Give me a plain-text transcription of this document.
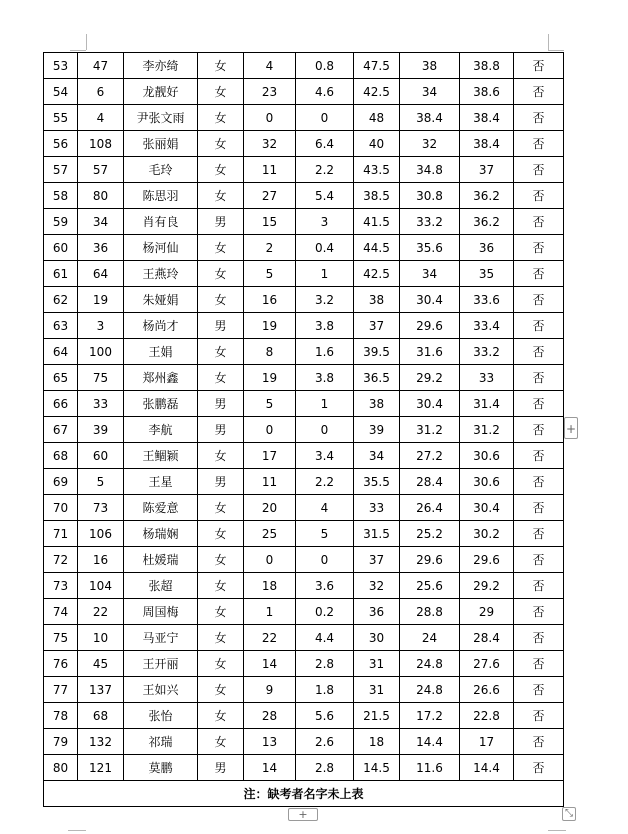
53	47	李亦绮	女	4	0.8	47.5	38	38.8	否
54	6	龙靓好	女	23	4.6	42.5	34	38.6	否
55	4	尹张文雨	女	0	0	48	38.4	38.4	否
56	108	张丽娟	女	32	6.4	40	32	38.4	否
57	57	毛玲	女	11	2.2	43.5	34.8	37	否
58	80	陈思羽	女	27	5.4	38.5	30.8	36.2	否
59	34	肖有良	男	15	3	41.5	33.2	36.2	否
60	36	杨河仙	女	2	0.4	44.5	35.6	36	否
61	64	王燕玲	女	5	1	42.5	34	35	否
62	19	朱娅娟	女	16	3.2	38	30.4	33.6	否
63	3	杨尚才	男	19	3.8	37	29.6	33.4	否
64	100	王娟	女	8	1.6	39.5	31.6	33.2	否
65	75	郑州鑫	女	19	3.8	36.5	29.2	33	否
66	33	张鹏磊	男	5	1	38	30.4	31.4	否
67	39	李航	男	0	0	39	31.2	31.2	否
68	60	王鲴颖	女	17	3.4	34	27.2	30.6	否
69	5	王星	男	11	2.2	35.5	28.4	30.6	否
70	73	陈爱意	女	20	4	33	26.4	30.4	否
71	106	杨瑞娴	女	25	5	31.5	25.2	30.2	否
72	16	杜媛瑞	女	0	0	37	29.6	29.6	否
73	104	张超	女	18	3.6	32	25.6	29.2	否
74	22	周国梅	女	1	0.2	36	28.8	29	否
75	10	马亚宁	女	22	4.4	30	24	28.4	否
76	45	王开丽	女	14	2.8	31	24.8	27.6	否
77	137	王如兴	女	9	1.8	31	24.8	26.6	否
78	68	张怡	女	28	5.6	21.5	17.2	22.8	否
79	132	祁瑞	女	13	2.6	18	14.4	17	否
80	121	莫鹏	男	14	2.8	14.5	11.6	14.4	否
注：缺考者名字未上表									
+
+	⤡
